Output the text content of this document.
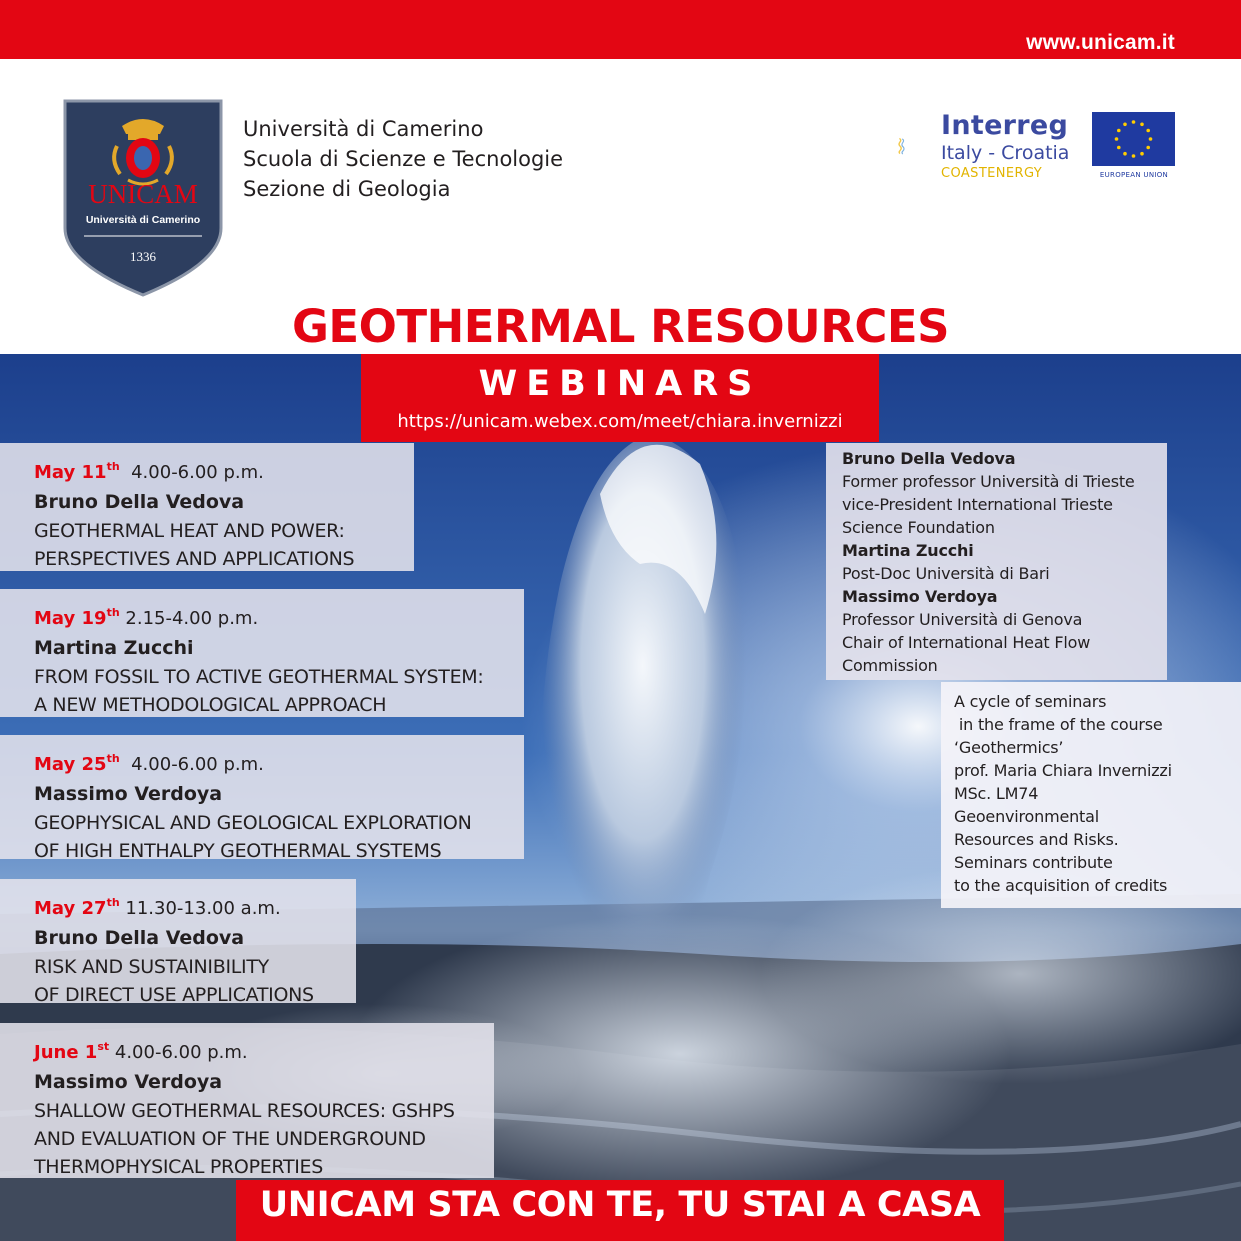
www.unicam.it
UNICAM
Università di Camerino
1336
Università di Camerino
Scuola di Scienze e Tecnologie
Sezione di Geologia
Interreg
Italy - Croatia
COASTENERGY	EUROPEAN UNION
GEOTHERMAL RESOURCES
WEBINARS
https://unicam.webex.com/meet/chiara.invernizzi
May 11th 4.00-6.00 p.m.
Bruno Della Vedova
GEOTHERMAL HEAT AND POWER:
PERSPECTIVES AND APPLICATIONS
May 19th 2.15-4.00 p.m.
Martina Zucchi
FROM FOSSIL TO ACTIVE GEOTHERMAL SYSTEM:
A NEW METHODOLOGICAL APPROACH
May 25th 4.00-6.00 p.m.
Massimo Verdoya
GEOPHYSICAL AND GEOLOGICAL EXPLORATION
OF HIGH ENTHALPY GEOTHERMAL SYSTEMS
May 27th 11.30-13.00 a.m.
Bruno Della Vedova
RISK AND SUSTAINIBILITY
OF DIRECT USE APPLICATIONS
June 1st 4.00-6.00 p.m.
Massimo Verdoya
SHALLOW GEOTHERMAL RESOURCES: GSHPS
AND EVALUATION OF THE UNDERGROUND
THERMOPHYSICAL PROPERTIES
Bruno Della Vedova
Former professor Università di Trieste
vice-President International Trieste
Science Foundation
Martina Zucchi
Post-Doc Università di Bari
Massimo Verdoya
Professor Università di Genova
Chair of International Heat Flow
Commission
A cycle of seminars
in the frame of the course
‘Geothermics’
prof. Maria Chiara Invernizzi
MSc. LM74
Geoenvironmental
Resources and Risks.
Seminars contribute
to the acquisition of credits
UNICAM STA CON TE, TU STAI A CASA
